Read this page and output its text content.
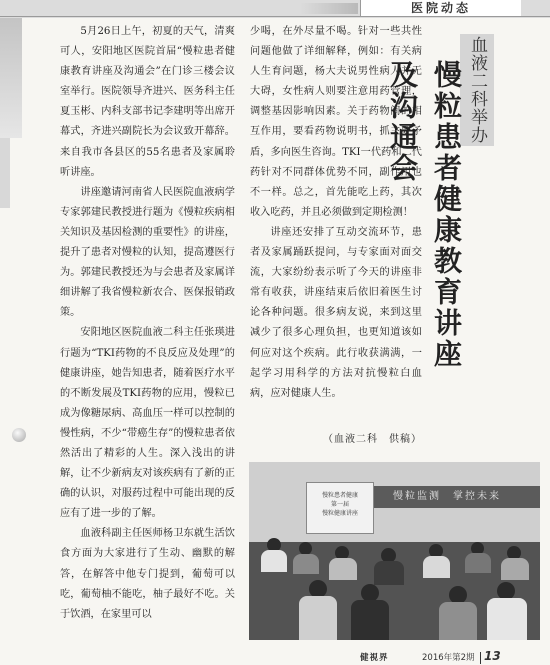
医院动态

5月26日上午，初夏的天气，清爽可人，安阳地区医院首届“慢粒患者健康教育讲座及沟通会”在门诊三楼会议室举行。医院领导齐进兴、医务科主任夏玉彬、内科支部书记李建明等出席开幕式，齐进兴副院长为会议致开幕辞。来自我市各县区的55名患者及家属聆听讲座。

讲座邀请河南省人民医院血液病学专家郭建民教授进行题为《慢粒疾病相关知识及基因检测的重要性》的讲座，提升了患者对慢粒的认知，提高遵医行为。郭建民教授还为与会患者及家属详细讲解了我省慢粒新农合、医保报销政策。

安阳地区医院血液二科主任张瑛进行题为“TKI药物的不良反应及处理”的健康讲座，她告知患者，随着医疗水平的不断发展及TKI药物的应用，慢粒已成为像糖尿病、高血压一样可以控制的慢性病，不少“带癌生存”的慢粒患者依然活出了精彩的人生。深入浅出的讲解，让不少新病友对该疾病有了新的正确的认识，对服药过程中可能出现的反应有了进一步的了解。

血液科副主任医师杨卫东就生活饮食方面为大家进行了生动、幽默的解答，在解答中他专门提到，葡萄可以吃，葡萄柚不能吃，柚子最好不吃。关于饮酒，在家里可以

少喝，在外尽量不喝。针对一些共性问题他做了详细解释，例如：有关病人生育问题，杨大夫说男性病人并无大碍，女性病人则要注意用药管理，调整基因影响因素。关于药物间的相互作用，要看药物说明书，抓主要矛盾，多向医生咨询。TKI一代药和二代药针对不同群体优势不同，副作用也不一样。总之，首先能吃上药，其次收入吃药，并且必须做到定期检测！

讲座还安排了互动交流环节，患者及家属踊跃提问，与专家面对面交流，大家纷纷表示听了今天的讲座非常有收获，讲座结束后依旧着医生讨论各种问题。很多病友说，来到这里减少了很多心理负担，也更知道该如何应对这个疾病。此行收获满满，一起学习用科学的方法对抗慢粒白血病，应对健康人生。

（血液二科　供稿）
血液二科举办
慢粒患者健康教育讲座及沟通会
慢粒监测　掌控未来
慢粒患者健康
第一届
慢粒健康讲座
健視界	2016年第2期 13
